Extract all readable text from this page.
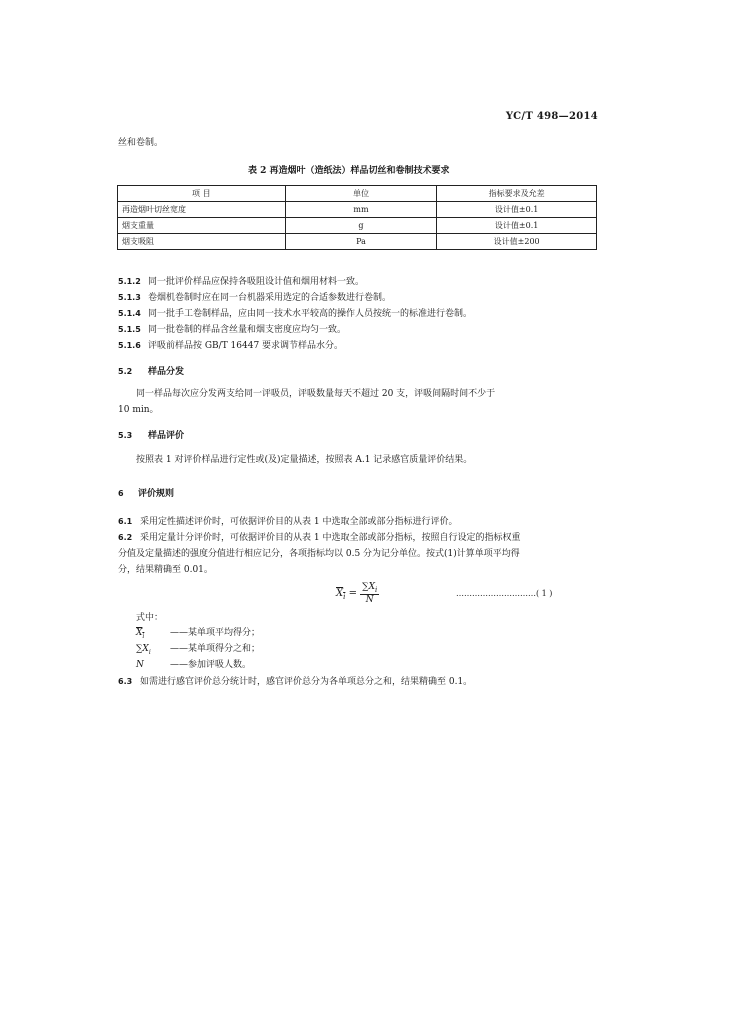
YC/T 498—2014
丝和卷制。
表 2 再造烟叶（造纸法）样品切丝和卷制技术要求
项 目	单位	指标要求及允差
再造烟叶切丝宽度	mm	设计值±0.1
烟支重量	g	设计值±0.1
烟支吸阻	Pa	设计值±200
5.1.2 同一批评价样品应保持各吸阻设计值和烟用材料一致。
5.1.3 卷烟机卷制时应在同一台机器采用选定的合适参数进行卷制。
5.1.4 同一批手工卷制样品，应由同一技术水平较高的操作人员按统一的标准进行卷制。
5.1.5 同一批卷制的样品含丝量和烟支密度应均匀一致。
5.1.6 评吸前样品按 GB/T 16447 要求调节样品水分。
5.2 样品分发
同一样品每次应分发两支给同一评吸员，评吸数量每天不超过 20 支，评吸间隔时间不少于
10 min。
5.3 样品评价
按照表 1 对评价样品进行定性或(及)定量描述，按照表 A.1 记录感官质量评价结果。
6 评价规则
6.1 采用定性描述评价时，可依据评价目的从表 1 中选取全部或部分指标进行评价。
6.2 采用定量计分评价时，可依据评价目的从表 1 中选取全部或部分指标，按照自行设定的指标权重
分值及定量描述的强度分值进行相应记分，各项指标均以 0.5 分为记分单位。按式(1)计算单项平均得
分，结果精确至 0.01。
$X_i = \frac{\sum X_i}{N}$	…………………………( 1 )
式中：
$X_i$	——某单项平均得分；
$\sum X_i$ ——某单项得分之和；
N	——参加评吸人数。
6.3 如需进行感官评价总分统计时，感官评价总分为各单项总分之和，结果精确至 0.1。
